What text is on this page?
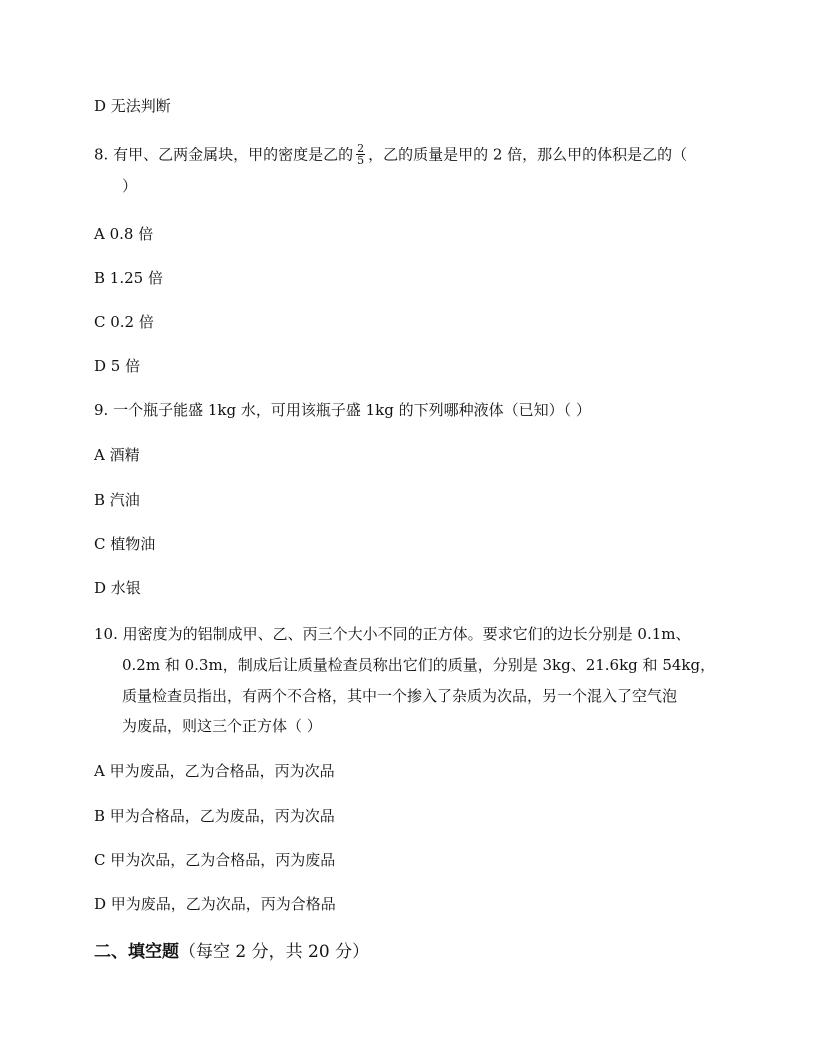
D 无法判断
8. 有甲、乙两金属块，甲的密度是乙的 $\frac{2}{5}$ ，乙的质量是甲的 2 倍，那么甲的体积是乙的（
）
A 0.8 倍
B 1.25 倍
C 0.2 倍
D 5 倍
9. 一个瓶子能盛 1kg 水，可用该瓶子盛 1kg 的下列哪种液体（已知）（ ）
A 酒精
B 汽油
C 植物油
D 水银
10. 用密度为的铝制成甲、乙、丙三个大小不同的正方体。要求它们的边长分别是 0.1m、
0.2m 和 0.3m，制成后让质量检查员称出它们的质量，分别是 3kg、21.6kg 和 54kg，
质量检查员指出，有两个不合格，其中一个掺入了杂质为次品，另一个混入了空气泡
为废品，则这三个正方体（ ）
A 甲为废品，乙为合格品，丙为次品
B 甲为合格品，乙为废品，丙为次品
C 甲为次品，乙为合格品，丙为废品
D 甲为废品，乙为次品，丙为合格品
二、填空题（每空 2 分，共 20 分）
